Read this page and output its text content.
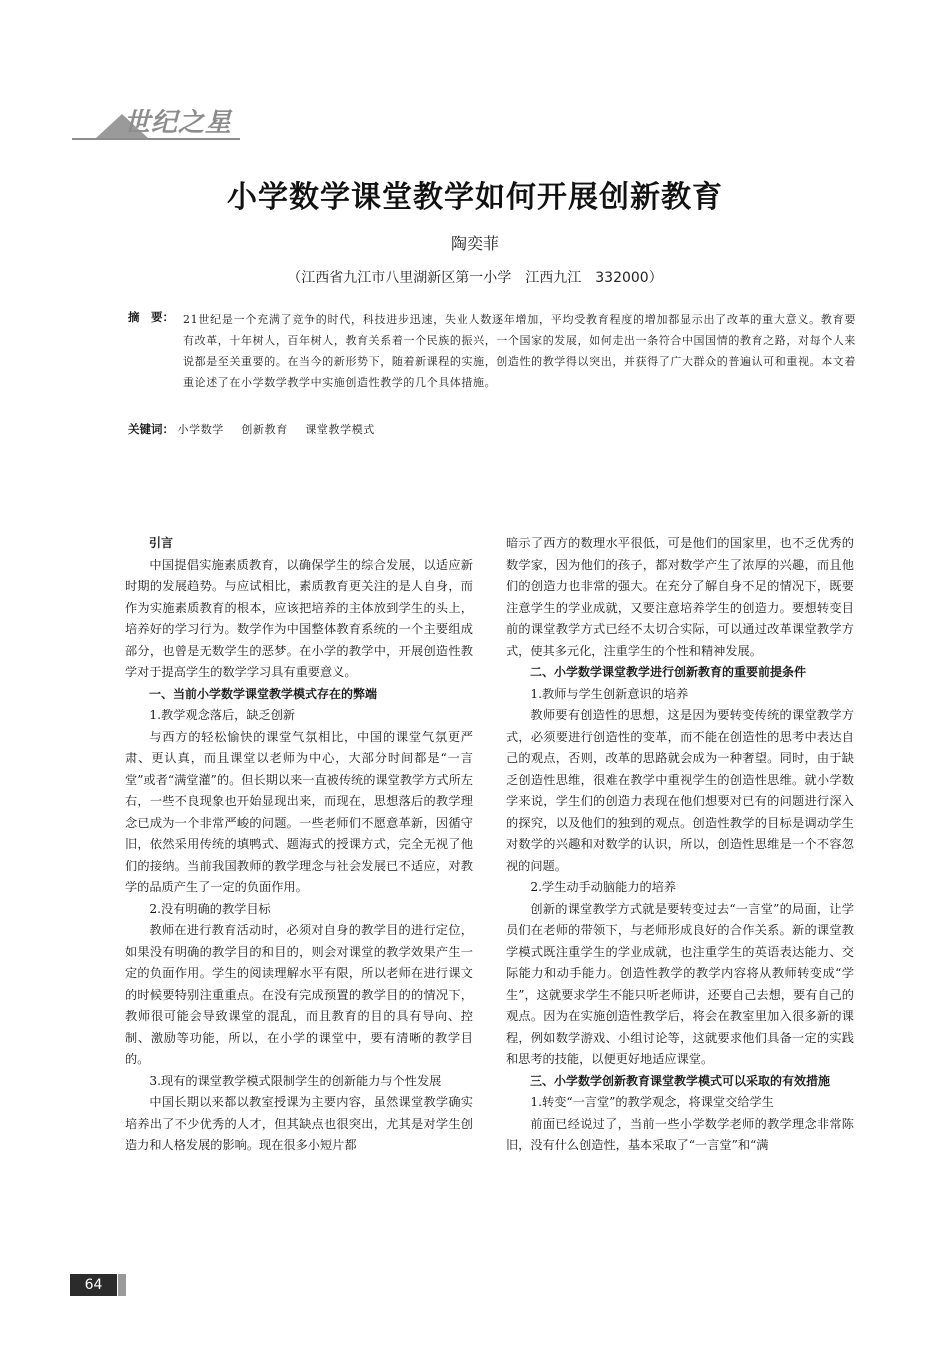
世纪之星
小学数学课堂教学如何开展创新教育
陶奕菲
（江西省九江市八里湖新区第一小学　江西九江　332000）
摘　要： 21世纪是一个充满了竞争的时代，科技进步迅速，失业人数逐年增加，平均受教育程度的增加都显示出了改革的重大意义。教育要有改革，十年树人，百年树人，教育关系着一个民族的振兴，一个国家的发展，如何走出一条符合中国国情的教育之路，对每个人来说都是至关重要的。在当今的新形势下，随着新课程的实施，创造性的教学得以突出，并获得了广大群众的普遍认可和重视。本文着重论述了在小学数学教学中实施创造性教学的几个具体措施。
关键词： 小学数学 创新教育 课堂教学模式

引言

中国提倡实施素质教育，以确保学生的综合发展，以适应新时期的发展趋势。与应试相比，素质教育更关注的是人自身，而作为实施素质教育的根本，应该把培养的主体放到学生的头上，培养好的学习行为。数学作为中国整体教育系统的一个主要组成部分，也曾是无数学生的恶梦。在小学的教学中，开展创造性教学对于提高学生的数学学习具有重要意义。

一、当前小学数学课堂教学模式存在的弊端

1.教学观念落后，缺乏创新

与西方的轻松愉快的课堂气氛相比，中国的课堂气氛更严肃、更认真，而且课堂以老师为中心，大部分时间都是“一言堂”或者“满堂灌”的。但长期以来一直被传统的课堂教学方式所左右，一些不良现象也开始显现出来，而现在，思想落后的教学理念已成为一个非常严峻的问题。一些老师们不愿意革新，因循守旧，依然采用传统的填鸭式、题海式的授课方式，完全无视了他们的接纳。当前我国教师的教学理念与社会发展已不适应，对教学的品质产生了一定的负面作用。

2.没有明确的教学目标

教师在进行教育活动时，必须对自身的教学目的进行定位，如果没有明确的教学目的和目的，则会对课堂的教学效果产生一定的负面作用。学生的阅读理解水平有限，所以老师在进行课文的时候要特别注重重点。在没有完成预置的教学目的的情况下，教师很可能会导致课堂的混乱，而且教育的目的具有导向、控制、激励等功能，所以，在小学的课堂中，要有清晰的教学目的。

3.现有的课堂教学模式限制学生的创新能力与个性发展

中国长期以来都以教室授课为主要内容，虽然课堂教学确实培养出了不少优秀的人才，但其缺点也很突出，尤其是对学生创造力和人格发展的影响。现在很多小短片都

暗示了西方的数理水平很低，可是他们的国家里，也不乏优秀的数学家，因为他们的孩子，都对数学产生了浓厚的兴趣，而且他们的创造力也非常的强大。在充分了解自身不足的情况下，既要注意学生的学业成就，又要注意培养学生的创造力。要想转变目前的课堂教学方式已经不太切合实际，可以通过改革课堂教学方式，使其多元化，注重学生的个性和精神发展。

二、小学数学课堂教学进行创新教育的重要前提条件

1.教师与学生创新意识的培养

教师要有创造性的思想，这是因为要转变传统的课堂教学方式，必须要进行创造性的变革，而不能在创造性的思考中表达自己的观点，否则，改革的思路就会成为一种奢望。同时，由于缺乏创造性思维，很难在教学中重视学生的创造性思维。就小学数学来说，学生们的创造力表现在他们想要对已有的问题进行深入的探究，以及他们的独到的观点。创造性教学的目标是调动学生对数学的兴趣和对数学的认识，所以，创造性思维是一个不容忽视的问题。

2.学生动手动脑能力的培养

创新的课堂教学方式就是要转变过去“一言堂”的局面，让学员们在老师的带领下，与老师形成良好的合作关系。新的课堂教学模式既注重学生的学业成就，也注重学生的英语表达能力、交际能力和动手能力。创造性教学的教学内容将从教师转变成“学生”，这就要求学生不能只听老师讲，还要自己去想，要有自己的观点。因为在实施创造性教学后，将会在教室里加入很多新的课程，例如数学游戏、小组讨论等，这就要求他们具备一定的实践和思考的技能，以便更好地适应课堂。

三、小学数学创新教育课堂教学模式可以采取的有效措施

1.转变“一言堂”的教学观念，将课堂交给学生

前面已经说过了，当前一些小学数学老师的教学理念非常陈旧，没有什么创造性，基本采取了“一言堂”和“满

64
